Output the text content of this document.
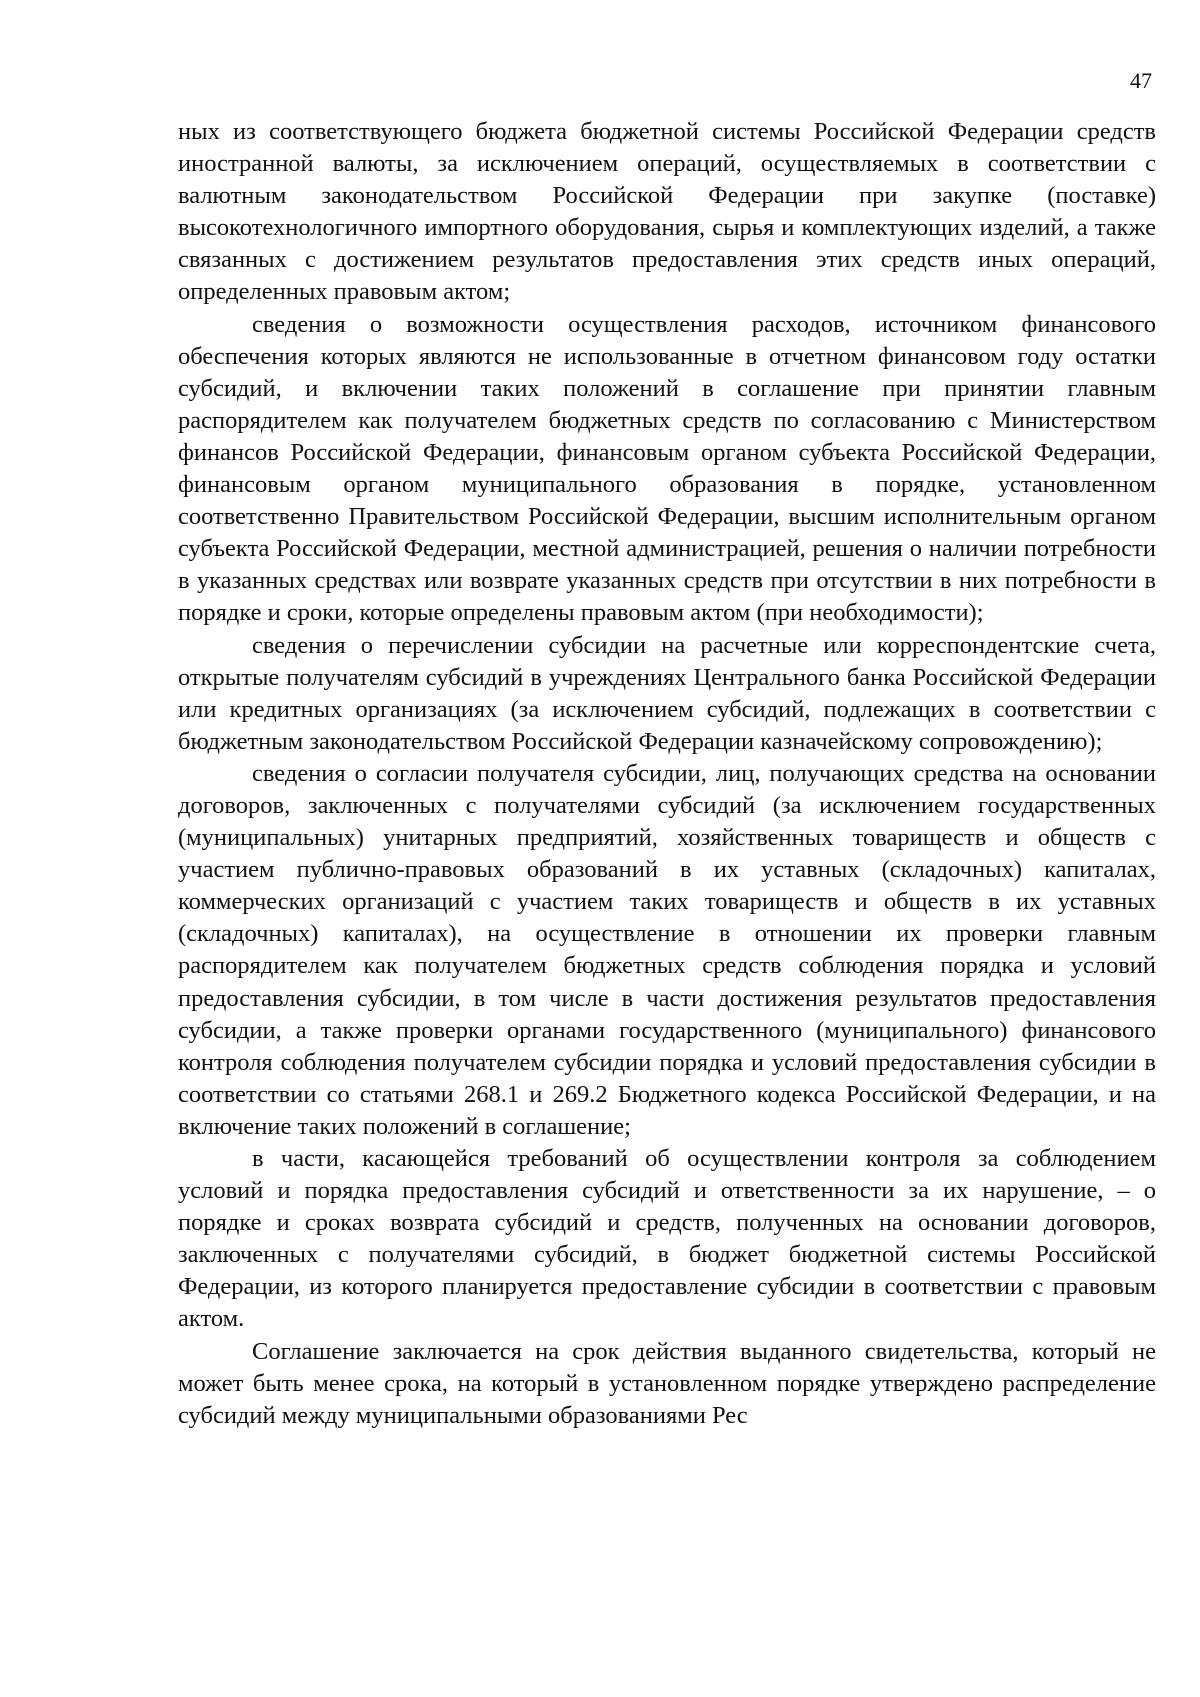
47

ных из соответствующего бюджета бюджетной системы Российской Федерации средств иностранной валюты, за исключением операций, осуществляемых в соответствии с валютным законодательством Российской Федерации при закупке (поставке) высокотехнологичного импортного оборудования, сырья и комплектующих изделий, а также связанных с достижением результатов предоставления этих средств иных операций, определенных правовым актом;

сведения о возможности осуществления расходов, источником финансового обеспечения которых являются не использованные в отчетном финансовом году остатки субсидий, и включении таких положений в соглашение при принятии главным распорядителем как получателем бюджетных средств по согласованию с Министерством финансов Российской Федерации, финансовым органом субъекта Российской Федерации, финансовым органом муниципального образования в порядке, установленном соответственно Правительством Российской Федерации, высшим исполнительным органом субъекта Российской Федерации, местной администрацией, решения о наличии потребности в указанных средствах или возврате указанных средств при отсутствии в них потребности в порядке и сроки, которые определены правовым актом (при необходимости);

сведения о перечислении субсидии на расчетные или корреспондентские счета, открытые получателям субсидий в учреждениях Центрального банка Российской Федерации или кредитных организациях (за исключением субсидий, подлежащих в соответствии с бюджетным законодательством Российской Федерации казначейскому сопровождению);

сведения о согласии получателя субсидии, лиц, получающих средства на основании договоров, заключенных с получателями субсидий (за исключением государственных (муниципальных) унитарных предприятий, хозяйственных товариществ и обществ с участием публично-правовых образований в их уставных (складочных) капиталах, коммерческих организаций с участием таких товариществ и обществ в их уставных (складочных) капиталах), на осуществление в отношении их проверки главным распорядителем как получателем бюджетных средств соблюдения порядка и условий предоставления субсидии, в том числе в части достижения результатов предоставления субсидии, а также проверки органами государственного (муниципального) финансового контроля соблюдения получателем субсидии порядка и условий предоставления субсидии в соответствии со статьями 268.1 и 269.2 Бюджетного кодекса Российской Федерации, и на включение таких положений в соглашение;

в части, касающейся требований об осуществлении контроля за соблюдением условий и порядка предоставления субсидий и ответственности за их нарушение, – о порядке и сроках возврата субсидий и средств, полученных на основании договоров, заключенных с получателями субсидий, в бюджет бюджетной системы Российской Федерации, из которого планируется предоставление субсидии в соответствии с правовым актом.

Соглашение заключается на срок действия выданного свидетельства, который не может быть менее срока, на который в установленном порядке утверждено распределение субсидий между муниципальными образованиями Рес
